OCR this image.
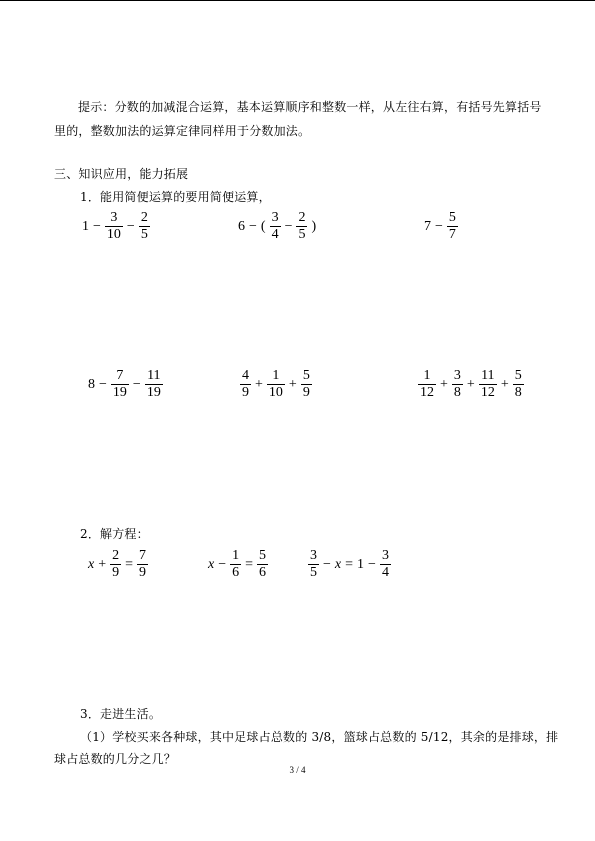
提示：分数的加减混合运算，基本运算顺序和整数一样，从左往右算，有括号先算括号
里的，整数加法的运算定律同样用于分数加法。
三、知识应用，能力拓展
1．能用简便运算的要用简便运算，
$1 - \frac{3}{10} - \frac{2}{5}$	6 − ( $\frac{3}{4} - \frac{2}{5}$ )	$7 - \frac{5}{7}$
$8 - \frac{7}{19} - \frac{11}{19}$	$\frac{4}{9} + \frac{1}{10} + \frac{5}{9}$	$\frac{1}{12} + \frac{3}{8} + \frac{11}{12} + \frac{5}{8}$
2．解方程：
$x + \frac{2}{9} = \frac{7}{9}$	$x - \frac{1}{6} = \frac{5}{6}$	$\frac{3}{5} - x = 1 - \frac{3}{4}$
3．走进生活。
（1）学校买来各种球，其中足球占总数的 3/8，篮球占总数的 5/12，其余的是排球，排
球占总数的几分之几？
3 / 4
